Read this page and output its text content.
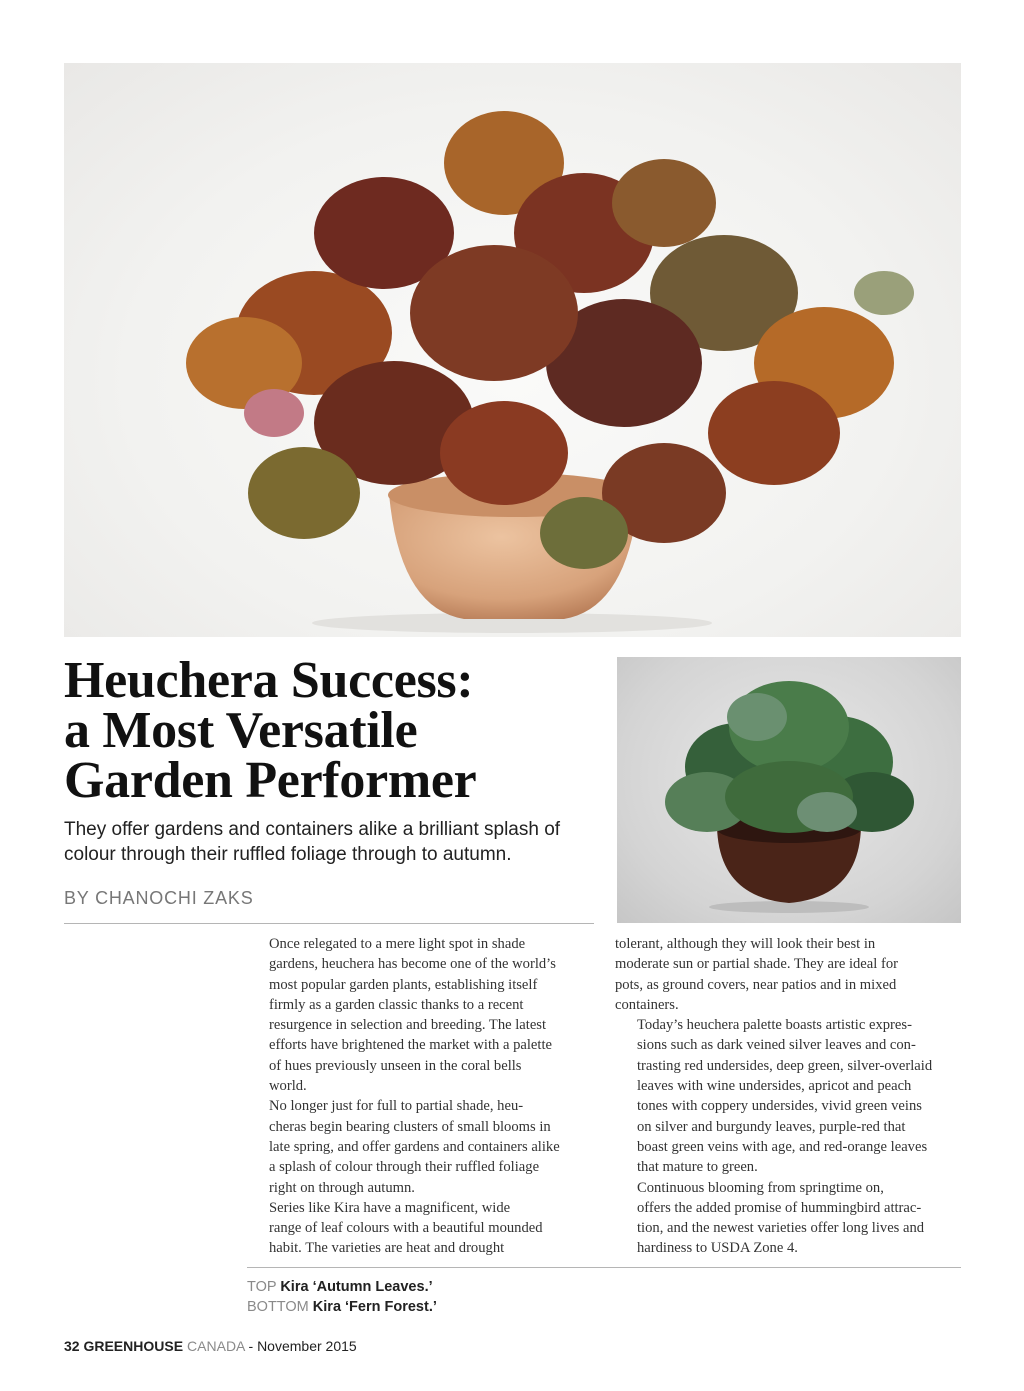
Heuchera Success:
a Most Versatile
Garden Performer

They offer gardens and containers alike a brilliant splash of colour through their ruffled foliage through to autumn.

BY CHANOCHI ZAKS

Once relegated to a mere light spot in shade
gardens, heuchera has become one of the world’s
most popular garden plants, establishing itself
firmly as a garden classic thanks to a recent
resurgence in selection and breeding. The latest
efforts have brightened the market with a palette
of hues previously unseen in the coral bells
world.

No longer just for full to partial shade, heu-
cheras begin bearing clusters of small blooms in
late spring, and offer gardens and containers alike
a splash of colour through their ruffled foliage
right on through autumn.

Series like Kira have a magnificent, wide
range of leaf colours with a beautiful mounded
habit. The varieties are heat and drought

tolerant, although they will look their best in
moderate sun or partial shade. They are ideal for
pots, as ground covers, near patios and in mixed
containers.

Today’s heuchera palette boasts artistic expres-
sions such as dark veined silver leaves and con-
trasting red undersides, deep green, silver-overlaid
leaves with wine undersides, apricot and peach
tones with coppery undersides, vivid green veins
on silver and burgundy leaves, purple-red that
boast green veins with age, and red-orange leaves
that mature to green.

Continuous blooming from springtime on,
offers the added promise of hummingbird attrac-
tion, and the newest varieties offer long lives and
hardiness to USDA Zone 4.

TOP Kira ‘Autumn Leaves.’
BOTTOM Kira ‘Fern Forest.’
32 GREENHOUSE CANADA - November 2015
